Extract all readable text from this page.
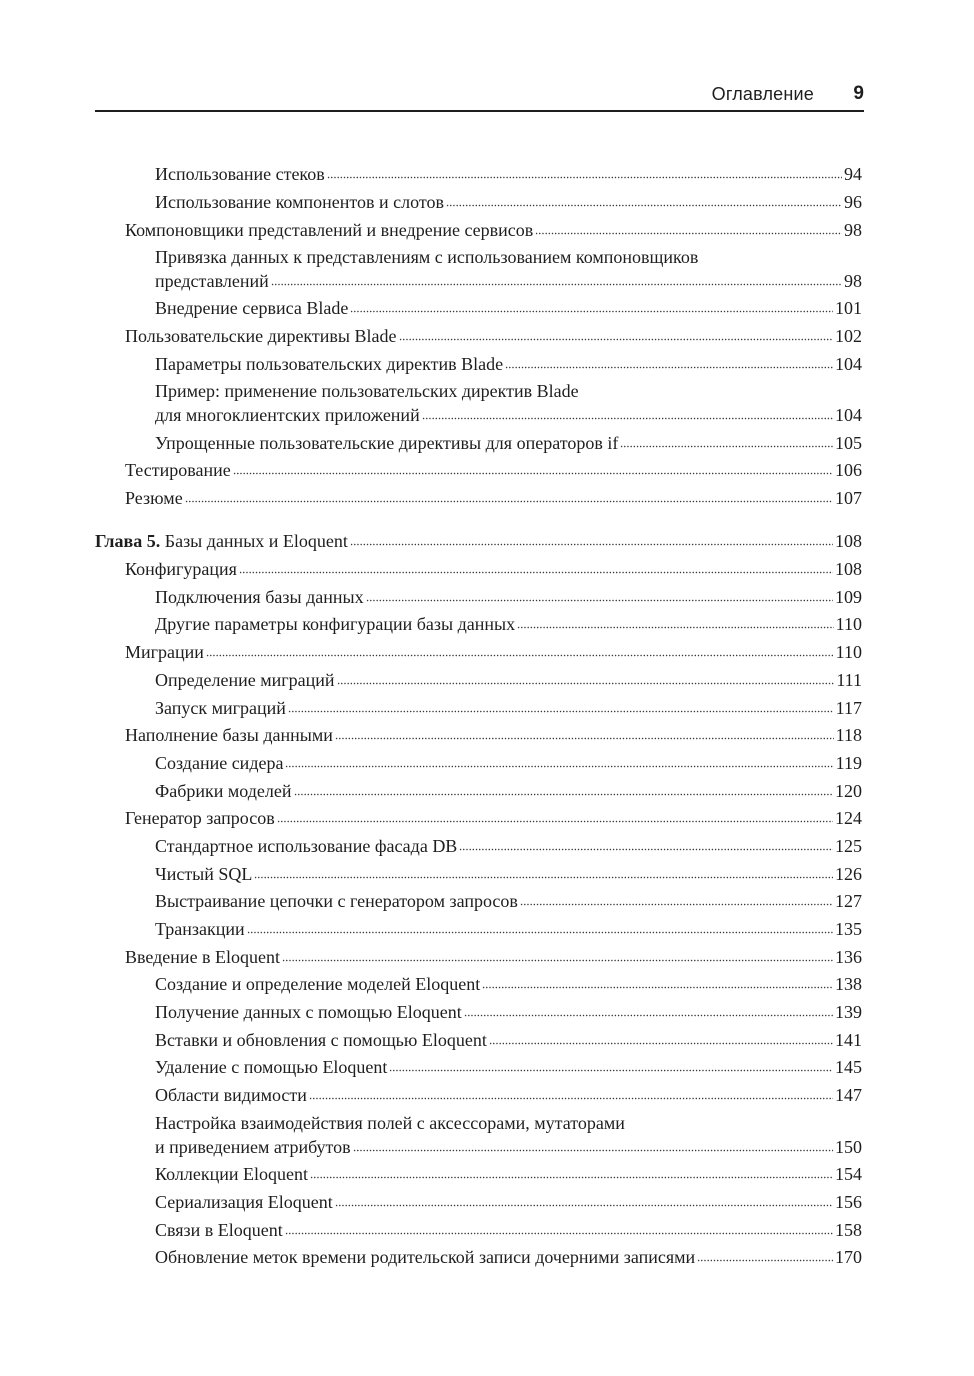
Оглавление 9
Использование стеков	94
Использование компонентов и слотов	96
Компоновщики представлений и внедрение сервисов	98
Привязка данных к представлениям с использованием компоновщиков
представлений	98
Внедрение сервиса Blade	101
Пользовательские директивы Blade	102
Параметры пользовательских директив Blade	104
Пример: применение пользовательских директив Blade
для многоклиентских приложений	104
Упрощенные пользовательские директивы для операторов if	105
Тестирование	106
Резюме	107
Глава 5. Базы данных и Eloquent	108
Конфигурация	108
Подключения базы данных	109
Другие параметры конфигурации базы данных	110
Миграции	110
Определение миграций	111
Запуск миграций	117
Наполнение базы данными	118
Создание сидера	119
Фабрики моделей	120
Генератор запросов	124
Стандартное использование фасада DB	125
Чистый SQL	126
Выстраивание цепочки с генератором запросов	127
Транзакции	135
Введение в Eloquent	136
Создание и определение моделей Eloquent	138
Получение данных с помощью Eloquent	139
Вставки и обновления с помощью Eloquent	141
Удаление с помощью Eloquent	145
Области видимости	147
Настройка взаимодействия полей с аксессорами, мутаторами
и приведением атрибутов	150
Коллекции Eloquent	154
Сериализация Eloquent	156
Связи в Eloquent	158
Обновление меток времени родительской записи дочерними записями	170
